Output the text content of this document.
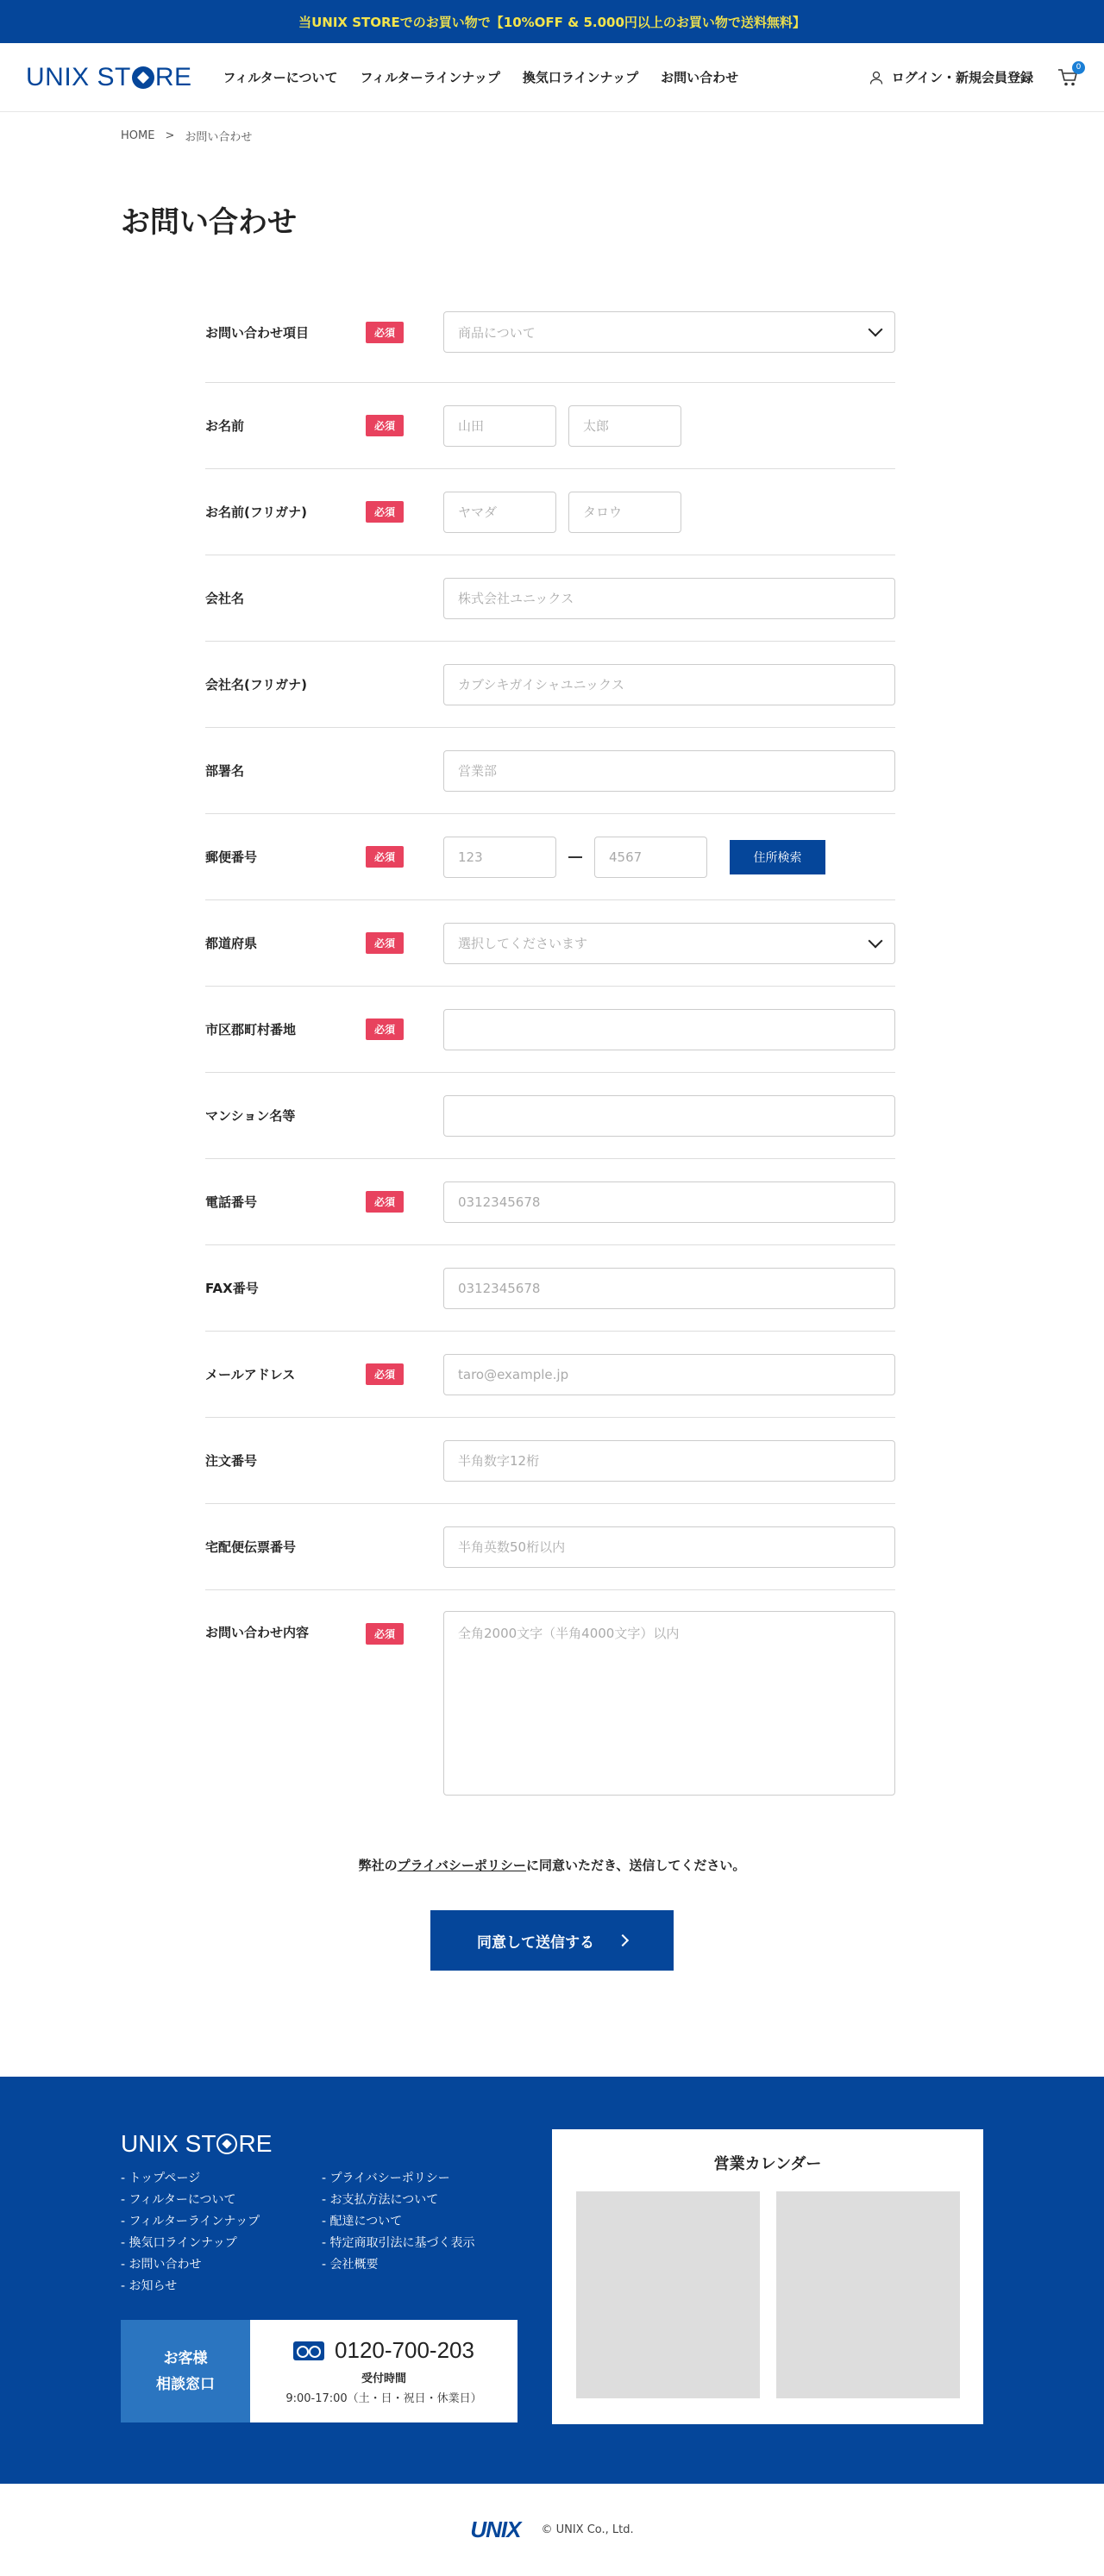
当UNIX STOREでのお買い物で【10%OFF & 5.000円以上のお買い物で送料無料】
UNIX ST RE フィルターについて フィルターラインナップ 換気口ラインナップ お問い合わせ	ログイン・新規会員登録
0
HOME > お問い合わせ
お問い合わせ
お問い合わせ項目	必須	商品について
お名前	必須	山田	太郎
お名前(フリガナ)	必須	ヤマダ	タロウ
会社名	株式会社ユニックス
会社名(フリガナ)	カブシキガイシャユニックス
部署名	営業部
郵便番号	必須	123	4567	住所検索
都道府県	必須	選択してくださいます
市区郡町村番地	必須
マンション名等
電話番号	必須	0312345678
FAX番号	0312345678
メールアドレス	必須	taro@example.jp
注文番号	半角数字12桁
宅配便伝票番号	半角英数50桁以内
お問い合わせ内容	必須	全角2000文字（半角4000文字）以内

弊社のプライバシーポリシーに同意いただき、送信してください。

同意して送信する
UNIX ST RE
- トップページ
- フィルターについて
- フィルターラインナップ
- 換気口ラインナップ
- お問い合わせ
- お知らせ
- プライバシーポリシー
- お支払方法について
- 配達について
- 特定商取引法に基づく表示
- 会社概要
お客様
相談窓口
0120-700-203
受付時間
9:00-17:00（土・日・祝日・休業日）
営業カレンダー
UNIX © UNIX Co., Ltd.
